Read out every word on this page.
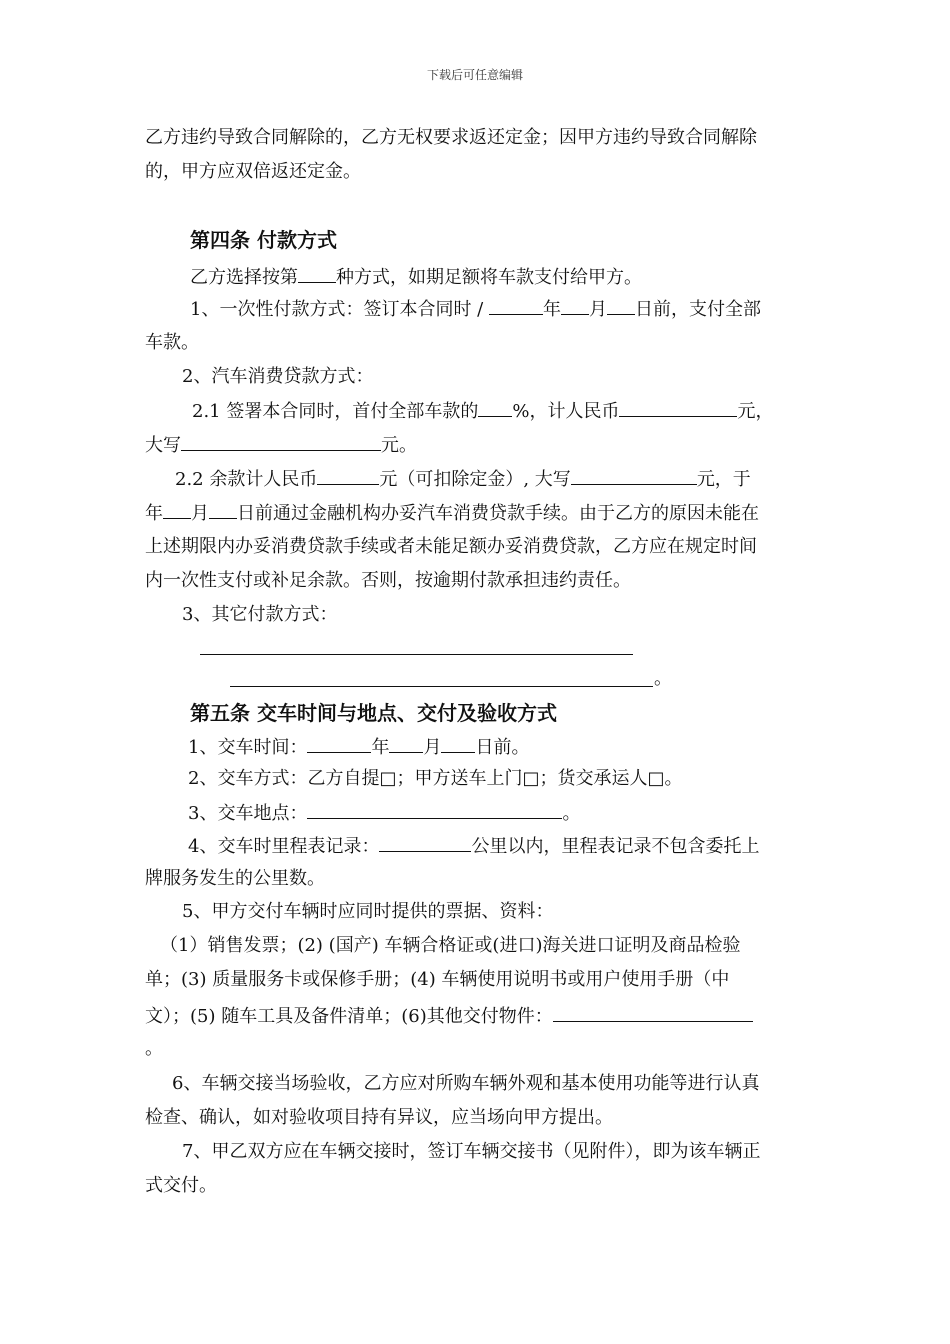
下载后可任意编辑
乙方违约导致合同解除的，乙方无权要求返还定金；因甲方违约导致合同解除
的，甲方应双倍返还定金。
第四条 付款方式
乙方选择按第 种方式，如期足额将车款支付给甲方。
1、一次性付款方式：签订本合同时 /	年 月 日前，支付全部
车款。
2、汽车消费贷款方式：
2.1 签署本合同时，首付全部车款的 %，计人民币	元，
大写	元。
2.2 余款计人民币	元（可扣除定金）, 大写	元，于
年 月 日前通过金融机构办妥汽车消费贷款手续。由于乙方的原因未能在
上述期限内办妥消费贷款手续或者未能足额办妥消费贷款，乙方应在规定时间
内一次性支付或补足余款。否则，按逾期付款承担违约责任。
3、其它付款方式：
。
第五条 交车时间与地点、交付及验收方式
1、交车时间：	年 月 日前。
2、交车方式：乙方自提□；甲方送车上门□；货交承运人□。
3、交车地点：	。
4、交车时里程表记录：	公里以内，里程表记录不包含委托上
牌服务发生的公里数。
5、甲方交付车辆时应同时提供的票据、资料：
（1）销售发票；(2) (国产) 车辆合格证或(进口)海关进口证明及商品检验
单；(3) 质量服务卡或保修手册；(4) 车辆使用说明书或用户使用手册（中
文）；(5) 随车工具及备件清单；(6)其他交付物件：
。
6、车辆交接当场验收，乙方应对所购车辆外观和基本使用功能等进行认真
检查、确认，如对验收项目持有异议，应当场向甲方提出。
7、甲乙双方应在车辆交接时，签订车辆交接书（见附件），即为该车辆正
式交付。
